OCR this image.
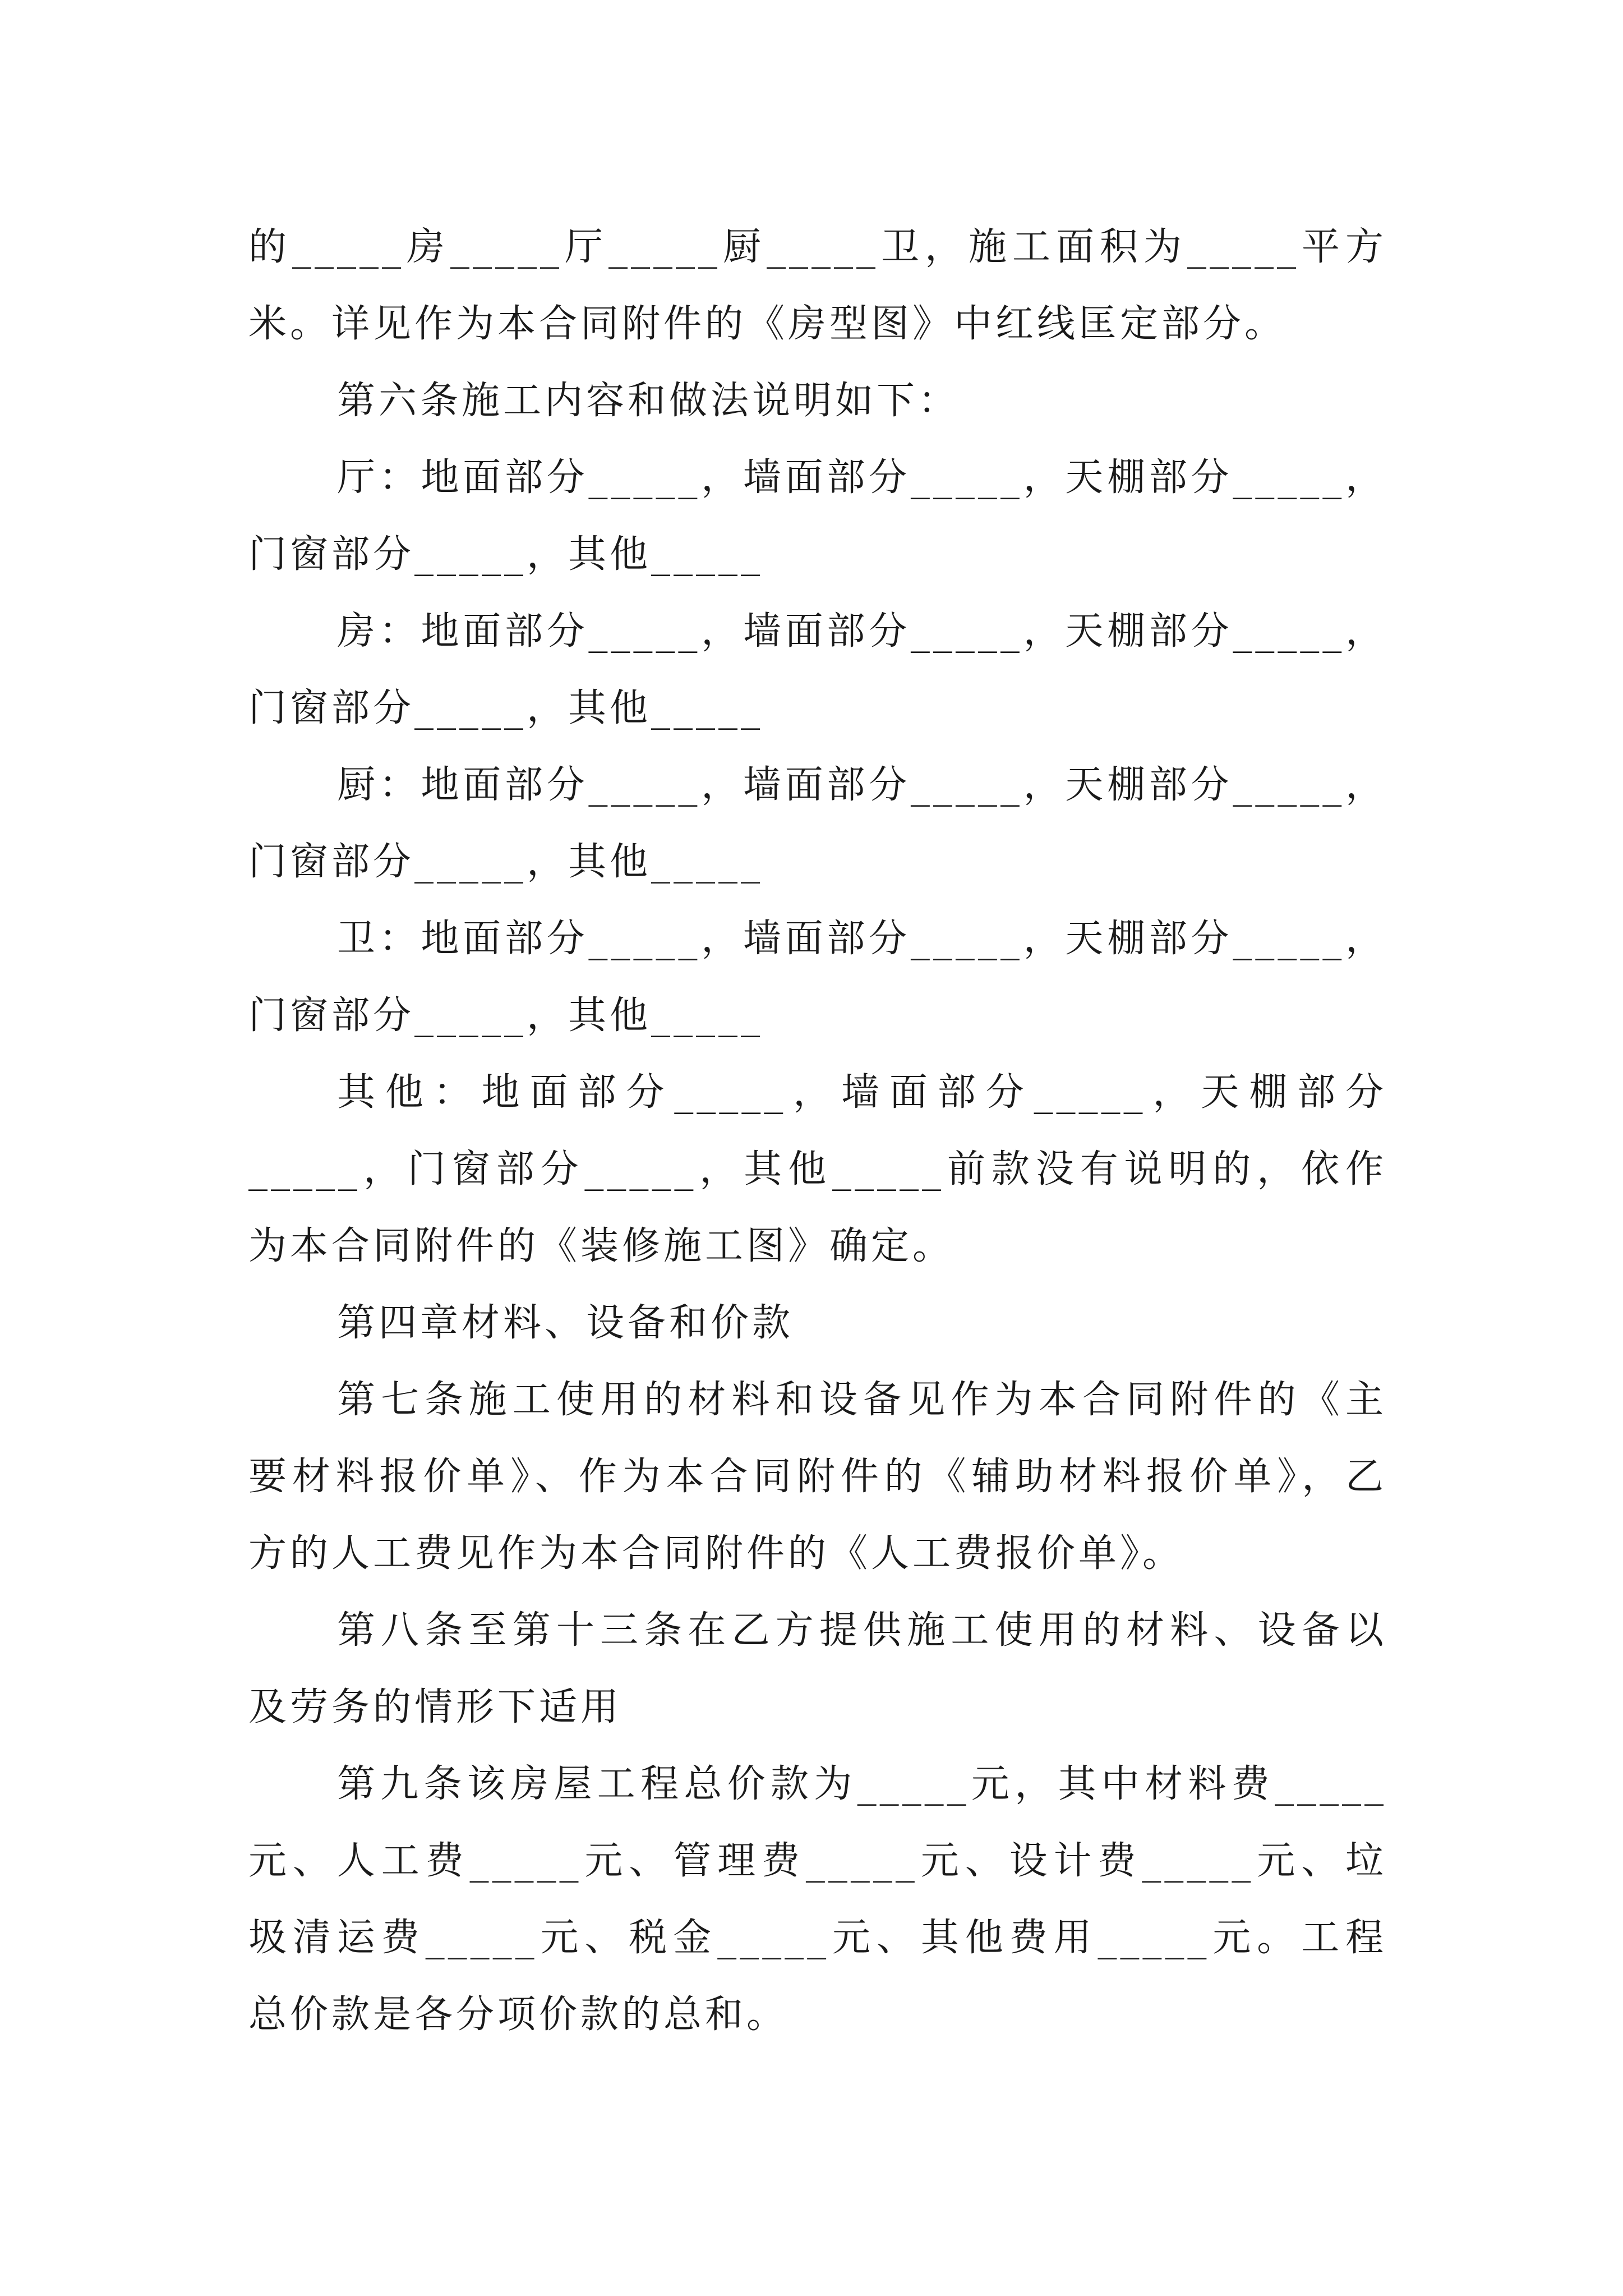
的_____房_____厅_____厨_____卫，施工面积为_____平方
米。详见作为本合同附件的《房型图》中红线匡定部分。
第六条施工内容和做法说明如下：
厅：地面部分_____，墙面部分_____，天棚部分_____，
门窗部分_____，其他_____
房：地面部分_____，墙面部分_____，天棚部分_____，
门窗部分_____，其他_____
厨：地面部分_____，墙面部分_____，天棚部分_____，
门窗部分_____，其他_____
卫：地面部分_____，墙面部分_____，天棚部分_____，
门窗部分_____，其他_____
其他：地面部分_____，墙面部分_____，天棚部分
_____，门窗部分_____，其他_____前款没有说明的，依作
为本合同附件的《装修施工图》确定。
第四章材料、设备和价款
第七条施工使用的材料和设备见作为本合同附件的《主
要材料报价单》、作为本合同附件的《辅助材料报价单》，乙
方的人工费见作为本合同附件的《人工费报价单》。
第八条至第十三条在乙方提供施工使用的材料、设备以
及劳务的情形下适用
第九条该房屋工程总价款为_____元，其中材料费_____
元、人工费_____元、管理费_____元、设计费_____元、垃
圾清运费_____元、税金_____元、其他费用_____元。工程
总价款是各分项价款的总和。
